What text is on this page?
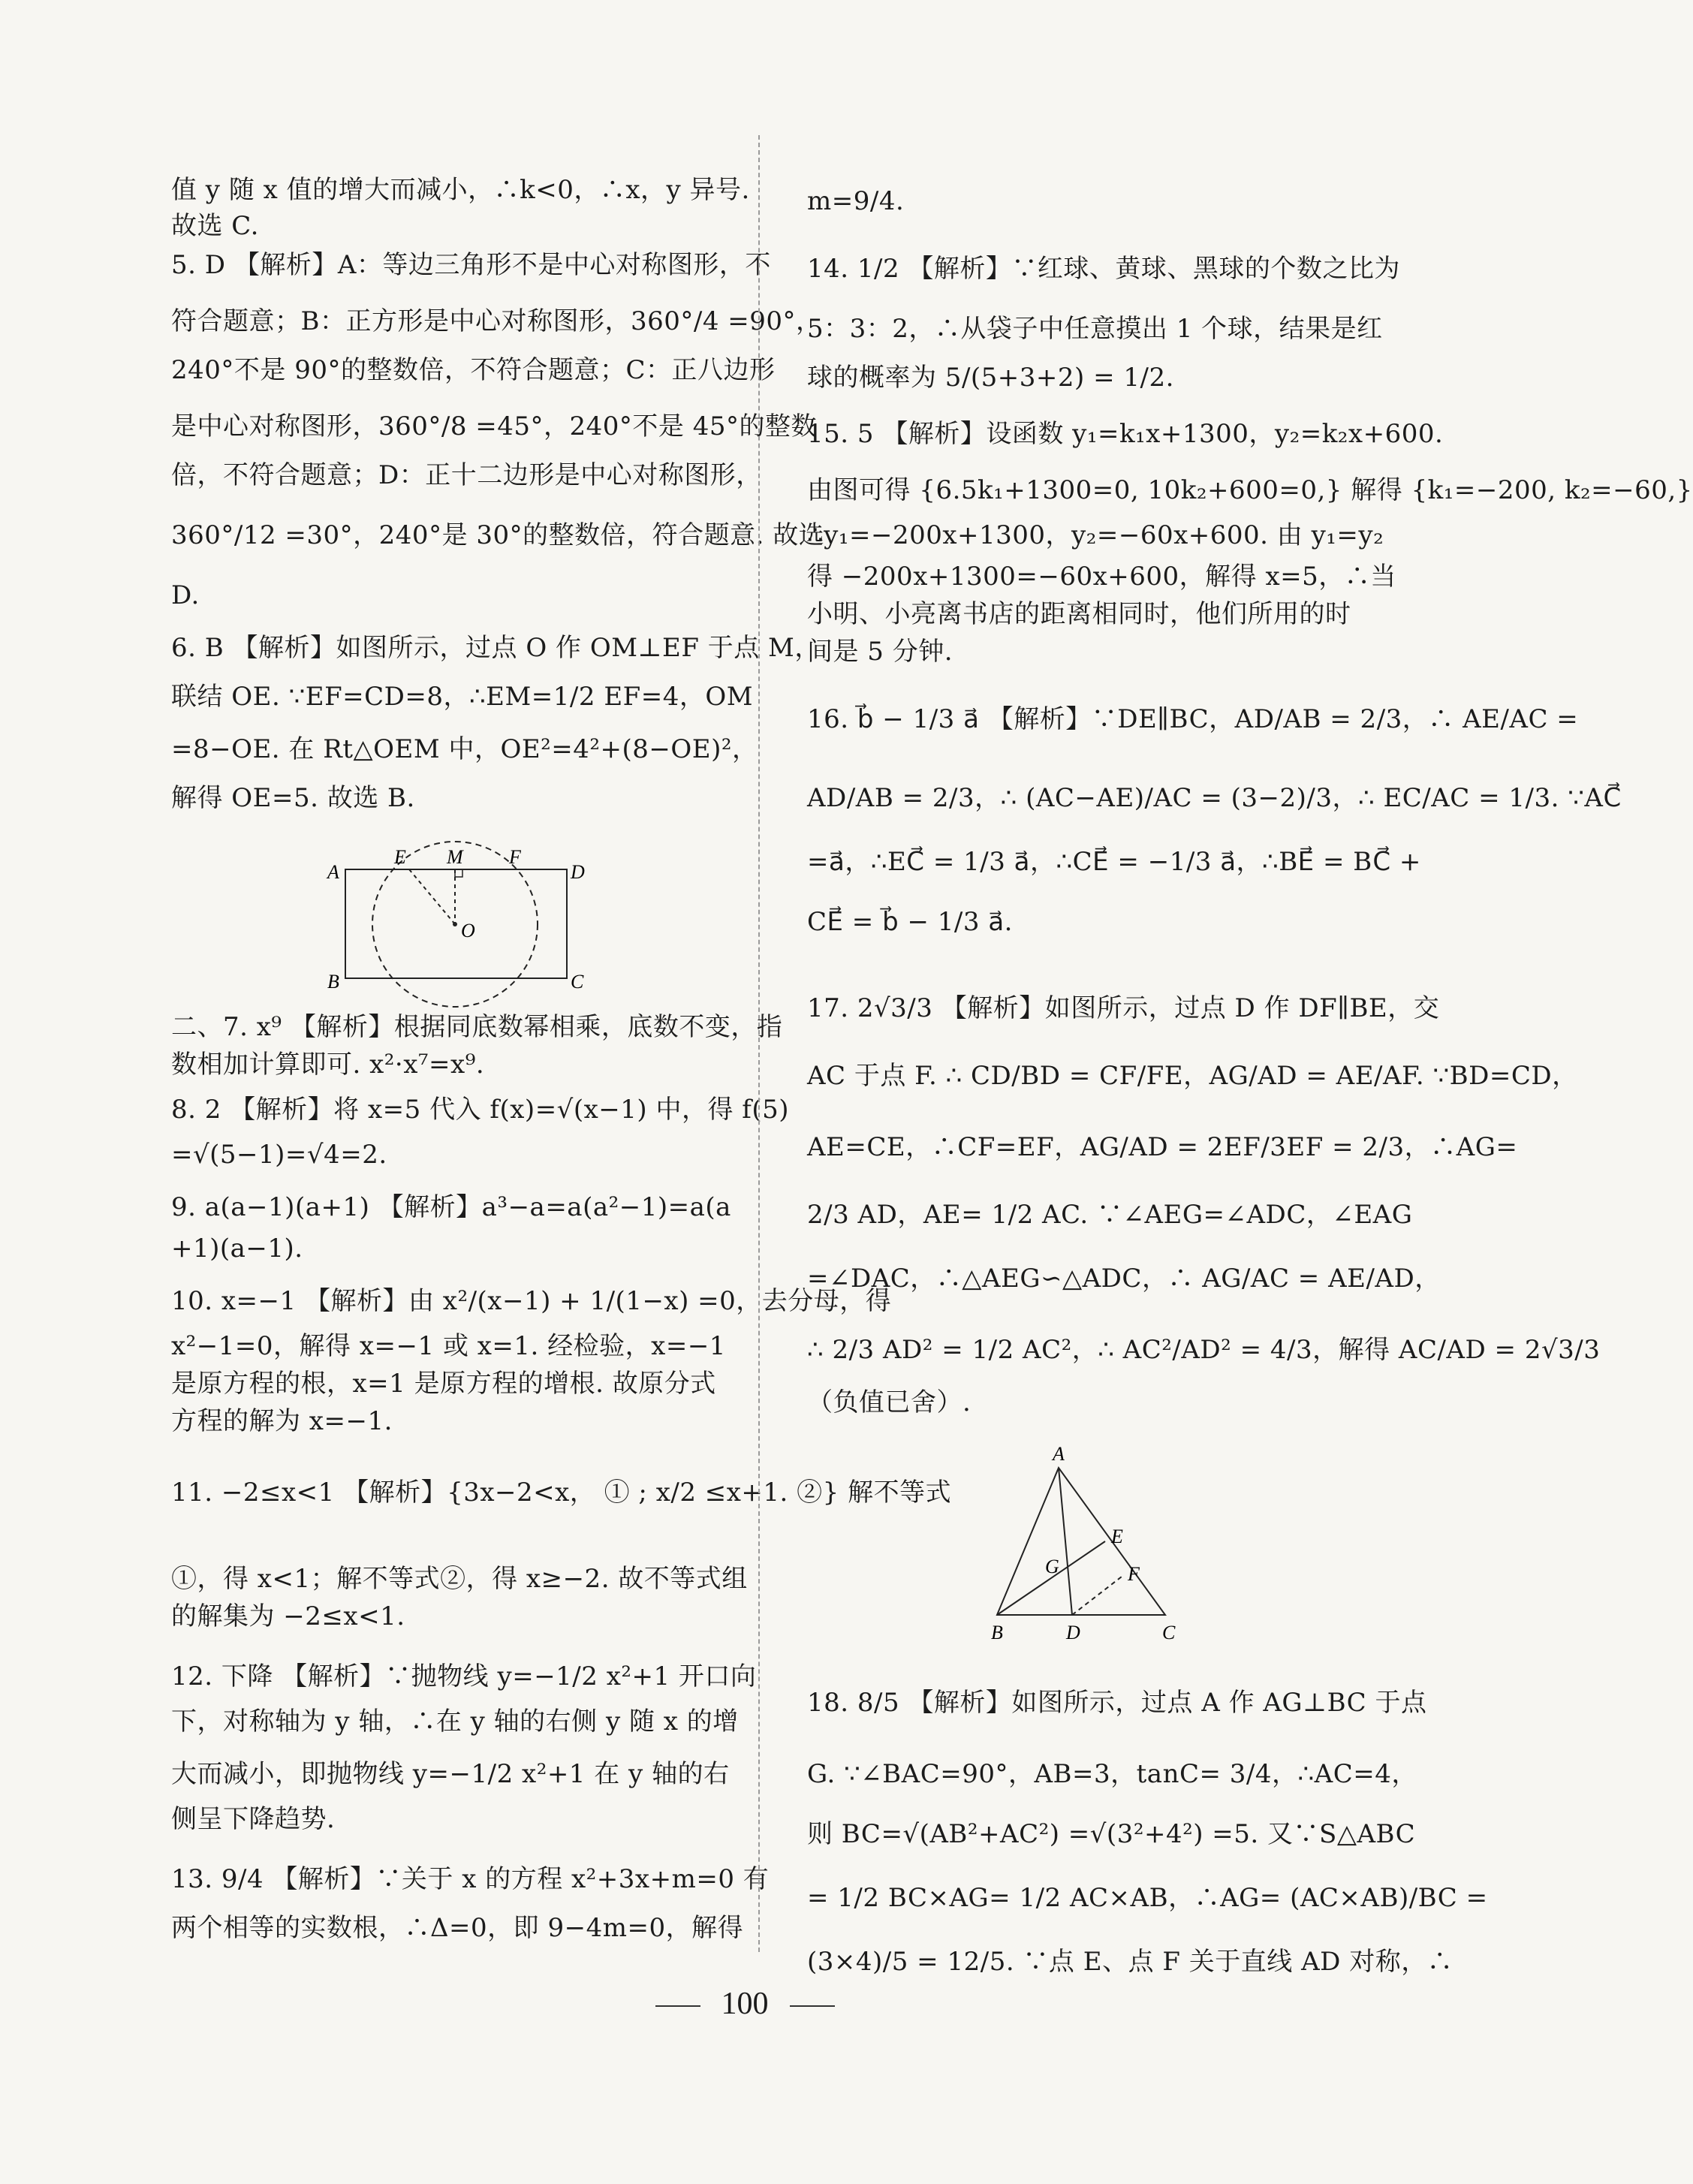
值 y 随 x 值的增大而减小，∴k<0，∴x，y 异号.
故选 C.
5. D 【解析】A：等边三角形不是中心对称图形，不
符合题意；B：正方形是中心对称图形，360°/4 =90°，
240°不是 90°的整数倍，不符合题意；C：正八边形
是中心对称图形，360°/8 =45°，240°不是 45°的整数
倍，不符合题意；D：正十二边形是中心对称图形，
360°/12 =30°，240°是 30°的整数倍，符合题意. 故选
D.
6. B 【解析】如图所示，过点 O 作 OM⊥EF 于点 M，
联结 OE. ∵EF=CD=8，∴EM=1/2 EF=4，OM
=8−OE. 在 Rt△OEM 中，OE²=4²+(8−OE)²，
解得 OE=5. 故选 B.
二、7. x⁹ 【解析】根据同底数幂相乘，底数不变，指
数相加计算即可. x²·x⁷=x⁹.
8. 2 【解析】将 x=5 代入 f(x)=√(x−1) 中，得 f(5)
=√(5−1)=√4=2.
9. a(a−1)(a+1) 【解析】a³−a=a(a²−1)=a(a
+1)(a−1).
10. x=−1 【解析】由 x²/(x−1) + 1/(1−x) =0，去分母，得
x²−1=0，解得 x=−1 或 x=1. 经检验，x=−1
是原方程的根，x=1 是原方程的增根. 故原分式
方程的解为 x=−1.
11. −2≤x<1 【解析】{3x−2<x， ① ; x/2 ≤x+1. ②} 解不等式
①，得 x<1；解不等式②，得 x≥−2. 故不等式组
的解集为 −2≤x<1.
12. 下降 【解析】∵抛物线 y=−1/2 x²+1 开口向
下，对称轴为 y 轴，∴在 y 轴的右侧 y 随 x 的增
大而减小，即抛物线 y=−1/2 x²+1 在 y 轴的右
侧呈下降趋势.
13. 9/4 【解析】∵关于 x 的方程 x²+3x+m=0 有
两个相等的实数根，∴Δ=0，即 9−4m=0，解得
m=9/4.
14. 1/2 【解析】∵红球、黄球、黑球的个数之比为
5：3：2，∴从袋子中任意摸出 1 个球，结果是红
球的概率为 5/(5+3+2) = 1/2.
15. 5 【解析】设函数 y₁=k₁x+1300，y₂=k₂x+600.
由图可得 {6.5k₁+1300=0, 10k₂+600=0,} 解得 {k₁=−200, k₂=−60,}
∴y₁=−200x+1300，y₂=−60x+600. 由 y₁=y₂
得 −200x+1300=−60x+600，解得 x=5，∴当
小明、小亮离书店的距离相同时，他们所用的时
间是 5 分钟.
16. b⃗ − 1/3 a⃗ 【解析】∵DE∥BC，AD/AB = 2/3，∴ AE/AC =
AD/AB = 2/3，∴ (AC−AE)/AC = (3−2)/3，∴ EC/AC = 1/3. ∵AC⃗
=a⃗，∴EC⃗ = 1/3 a⃗，∴CE⃗ = −1/3 a⃗，∴BE⃗ = BC⃗ +
CE⃗ = b⃗ − 1/3 a⃗.
17. 2√3/3 【解析】如图所示，过点 D 作 DF∥BE，交
AC 于点 F. ∴ CD/BD = CF/FE，AG/AD = AE/AF. ∵BD=CD，
AE=CE，∴CF=EF，AG/AD = 2EF/3EF = 2/3，∴AG=
2/3 AD，AE= 1/2 AC. ∵∠AEG=∠ADC，∠EAG
=∠DAC，∴△AEG∽△ADC，∴ AG/AC = AE/AD，
∴ 2/3 AD² = 1/2 AC²，∴ AC²/AD² = 4/3，解得 AC/AD = 2√3/3
（负值已舍）.
18. 8/5 【解析】如图所示，过点 A 作 AG⊥BC 于点
G. ∵∠BAC=90°，AB=3，tanC= 3/4，∴AC=4，
则 BC=√(AB²+AC²) =√(3²+4²) =5. 又∵S△ABC
= 1/2 BC×AG= 1/2 AC×AB，∴AG= (AC×AB)/BC =
(3×4)/5 = 12/5. ∵点 E、点 F 关于直线 AD 对称，∴
A
E M F
D
O
B	C
A
E
G	F
B	D	C
100
